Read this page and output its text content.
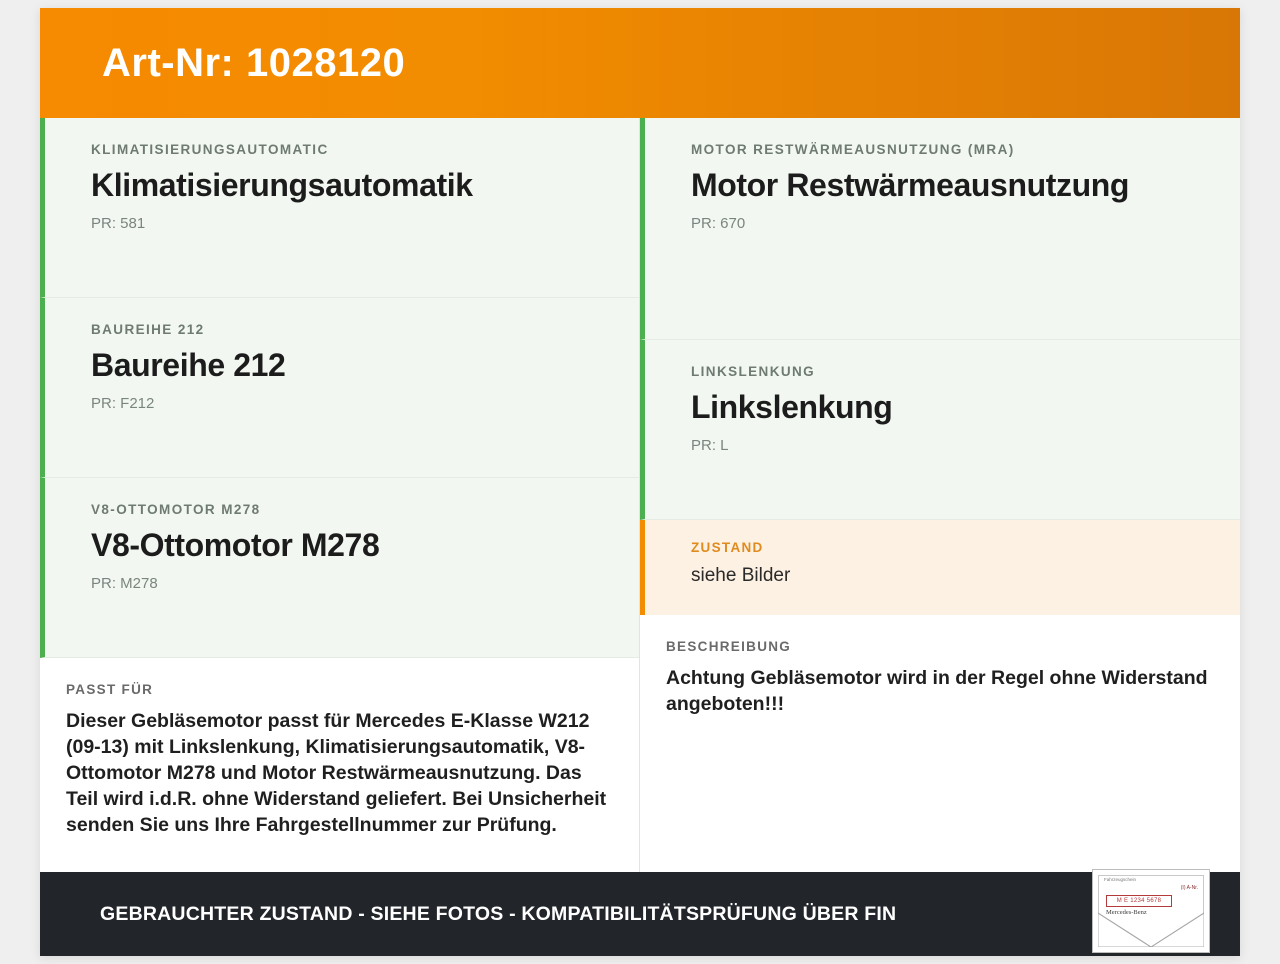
Art-Nr: 1028120
KLIMATISIERUNGSAUTOMATIC
Klimatisierungsautomatik
PR: 581
BAUREIHE 212
Baureihe 212
PR: F212
V8-OTTOMOTOR M278
V8-Ottomotor M278
PR: M278
PASST FÜR
Dieser Gebläsemotor passt für Mercedes E-Klasse W212 (09-13) mit Linkslenkung, Klimatisierungsautomatik, V8-Ottomotor M278 und Motor Restwärmeausnutzung. Das Teil wird i.d.R. ohne Widerstand geliefert. Bei Unsicherheit senden Sie uns Ihre Fahrgestellnummer zur Prüfung.
MOTOR RESTWÄRMEAUSNUTZUNG (MRA)
Motor Restwärmeausnutzung
PR: 670
LINKSLENKUNG
Linkslenkung
PR: L
ZUSTAND
siehe Bilder
BESCHREIBUNG
Achtung Gebläsemotor wird in der Regel ohne Widerstand angeboten!!!
GEBRAUCHTER ZUSTAND - SIEHE FOTOS - KOMPATIBILITÄTSPRÜFUNG ÜBER FIN
Fahrzeugschein
(I) A-Nr.
M E 1234 5678
Mercedes-Benz
